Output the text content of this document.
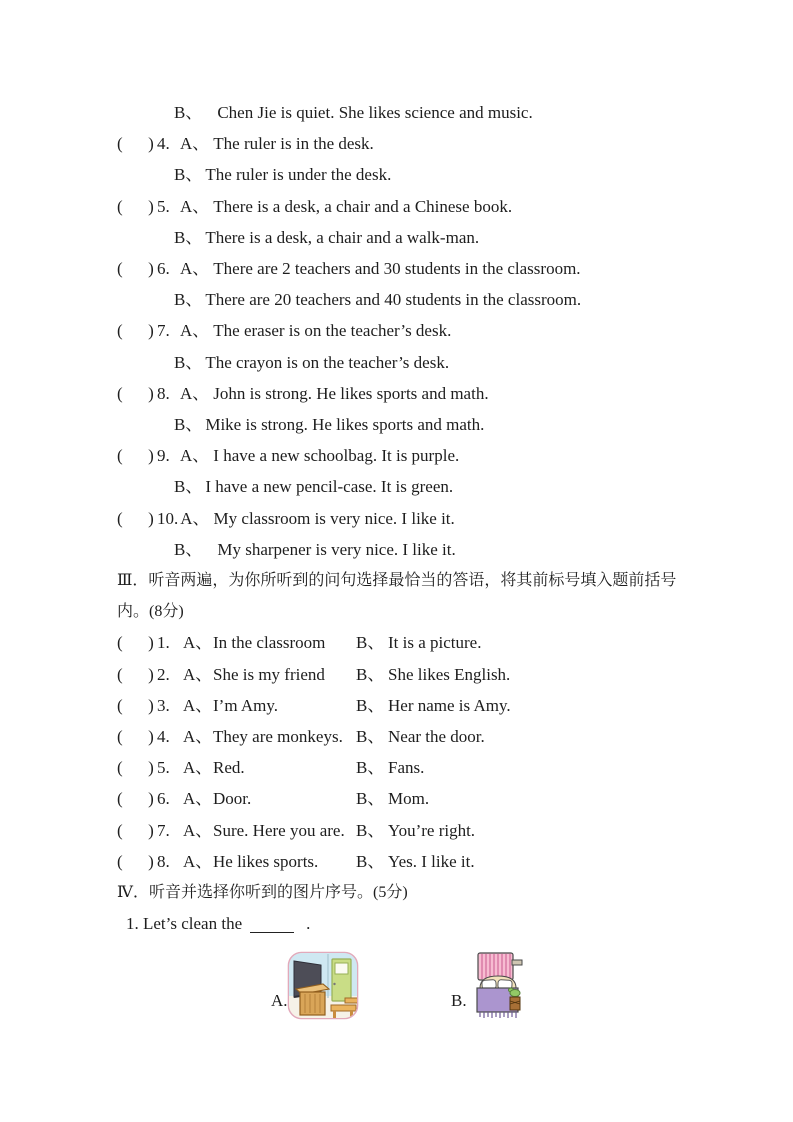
B、 Chen Jie is quiet. She likes science and music.
(      ) 4. A、 The ruler is in the desk.
B、 The ruler is under the desk.
(      ) 5. A、 There is a desk, a chair and a Chinese book.
B、 There is a desk, a chair and a walk-man.
(      ) 6. A、 There are 2 teachers and 30 students in the classroom.
B、 There are 20 teachers and 40 students in the classroom.
(      ) 7. A、 The eraser is on the teacher’s desk.
B、 The crayon is on the teacher’s desk.
(      ) 8. A、 John is strong. He likes sports and math.
B、 Mike is strong. He likes sports and math.
(      ) 9. A、 I have a new schoolbag. It is purple.
B、 I have a new pencil-case. It is green.
(      ) 10. A、 My classroom is very nice. I like it.
B、 My sharpener is very nice. I like it.
Ⅲ．听音两遍，为你所听到的问句选择最恰当的答语，将其前标号填入题前括号
内。(8分)
(      ) 1. A、In the classroom B、 It is a picture.
(      ) 2. A、She is my friend B、 She likes English.
(      ) 3. A、I’m Amy.	B、 Her name is Amy.
(      ) 4. A、They are monkeys. B、 Near the door.
(      ) 5. A、Red.	B、 Fans.
(      ) 6. A、Door.	B、 Mom.
(      ) 7. A、Sure. Here you are. B、 You’re right.
(      ) 8. A、He likes sports. B、 Yes. I like it.
Ⅳ．听音并选择你听到的图片序号。(5分)
1. Let’s clean the	.
A.	B.
